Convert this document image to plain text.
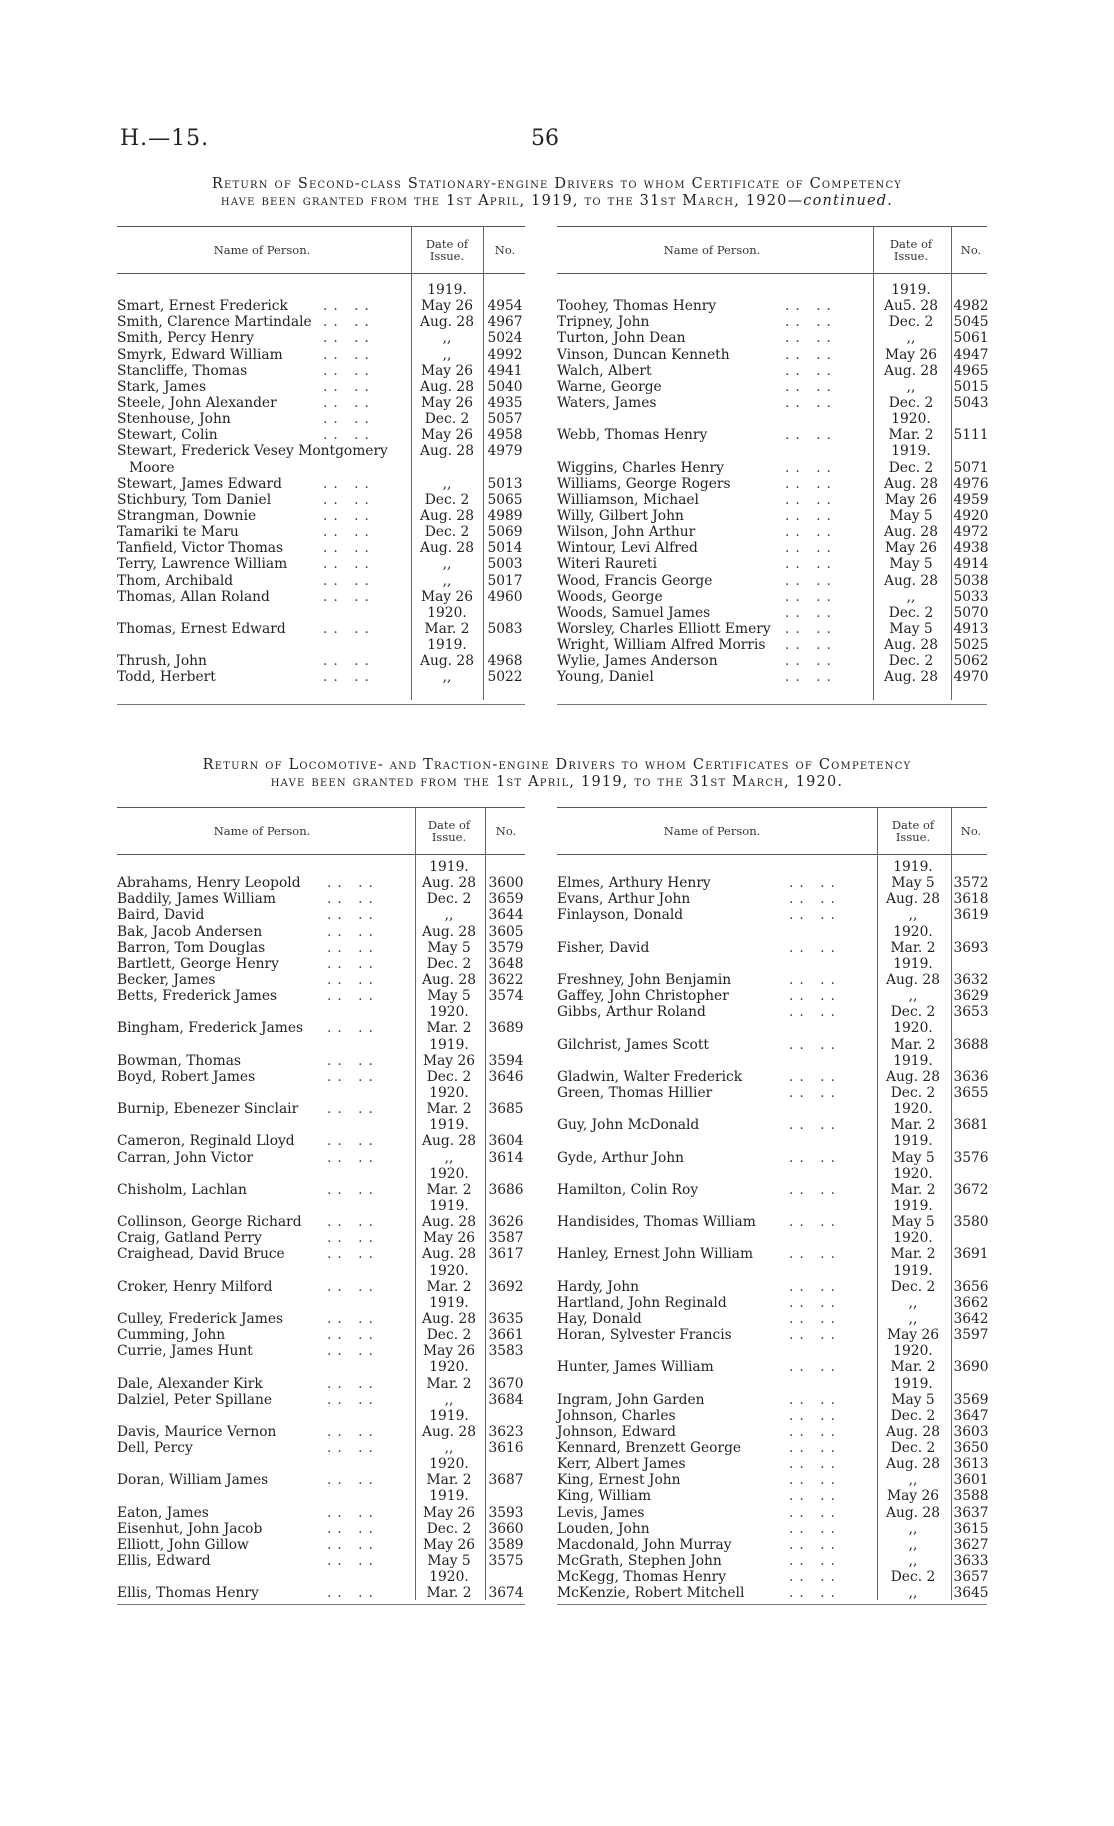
H.—15.	56
Return of Second-class Stationary-engine Drivers to whom Certificate of Competency
have been granted from the 1st April, 1919, to the 31st March, 1920—continued.
Name of Person.	Date of Issue.	No.
1919.
Smart, Ernest Frederick	.. ..	May 26	4954
Smith, Clarence Martindale .. ..	Aug. 28 4967
Smith, Percy Henry	.. ..	,,	5024
Smyrk, Edward William	.. ..	,,	4992
Stancliffe, Thomas	.. ..	May 26	4941
Stark, James	.. ..	Aug. 28 5040
Steele, John Alexander	.. ..	May 26	4935
Stenhouse, John	.. ..	Dec. 2	5057
Stewart, Colin	.. ..	May 26	4958
Stewart, Frederick Vesey Montgomery	Aug. 28 4979
Moore
Stewart, James Edward	.. ..	,,	5013
Stichbury, Tom Daniel	.. ..	Dec. 2	5065
Strangman, Downie	.. ..	Aug. 28 4989
Tamariki te Maru	.. ..	Dec. 2	5069
Tanfield, Victor Thomas	.. ..	Aug. 28 5014
Terry, Lawrence William	.. ..	,,	5003
Thom, Archibald	.. ..	,,	5017
Thomas, Allan Roland	.. ..	May 26	4960
1920.
Thomas, Ernest Edward	.. ..	Mar. 2	5083
1919.
Thrush, John	.. ..	Aug. 28 4968
Todd, Herbert	.. ..	,,	5022
Name of Person.	Date of Issue.	No.
1919.
Toohey, Thomas Henry	.. ..	Au5. 28	4982
Tripney, John	.. ..	Dec. 2	5045
Turton, John Dean	.. ..	,,	5061
Vinson, Duncan Kenneth	.. ..	May 26	4947
Walch, Albert	.. ..	Aug. 28	4965
Warne, George	.. ..	,,	5015
Waters, James	.. ..	Dec. 2	5043
1920.
Webb, Thomas Henry	.. ..	Mar. 2	5111
1919.
Wiggins, Charles Henry	.. ..	Dec. 2	5071
Williams, George Rogers	.. ..	Aug. 28	4976
Williamson, Michael	.. ..	May 26	4959
Willy, Gilbert John	.. ..	May 5	4920
Wilson, John Arthur	.. ..	Aug. 28	4972
Wintour, Levi Alfred	.. ..	May 26	4938
Witeri Raureti	.. ..	May 5	4914
Wood, Francis George	.. ..	Aug. 28	5038
Woods, George	.. ..	,,	5033
Woods, Samuel James	.. ..	Dec. 2	5070
Worsley, Charles Elliott Emery .. ..	May 5	4913
Wright, William Alfred Morris .. ..	Aug. 28	5025
Wylie, James Anderson	.. ..	Dec. 2	5062
Young, Daniel	.. ..	Aug. 28	4970
Return of Locomotive- and Traction-engine Drivers to whom Certificates of Competency
have been granted from the 1st April, 1919, to the 31st March, 1920.
Name of Person.	Date of Issue.	No.
1919.
Abrahams, Henry Leopold .. ..	Aug. 28 3600
Baddily, James William	.. ..	Dec. 2	3659
Baird, David	.. ..	,,	3644
Bak, Jacob Andersen	.. ..	Aug. 28 3605
Barron, Tom Douglas	.. ..	May 5	3579
Bartlett, George Henry	.. ..	Dec. 2	3648
Becker, James	.. ..	Aug. 28 3622
Betts, Frederick James	.. ..	May 5	3574
1920.
Bingham, Frederick James .. ..	Mar. 2	3689
1919.
Bowman, Thomas	.. ..	May 26 3594
Boyd, Robert James	.. ..	Dec. 2	3646
1920.
Burnip, Ebenezer Sinclair .. ..	Mar. 2	3685
1919.
Cameron, Reginald Lloyd .. ..	Aug. 28 3604
Carran, John Victor	.. ..	,,	3614
1920.
Chisholm, Lachlan	.. ..	Mar. 2	3686
1919.
Collinson, George Richard .. ..	Aug. 28 3626
Craig, Gatland Perry	.. ..	May 26 3587
Craighead, David Bruce	.. ..	Aug. 28 3617
1920.
Croker, Henry Milford	.. ..	Mar. 2	3692
1919.
Culley, Frederick James	.. ..	Aug. 28 3635
Cumming, John	.. ..	Dec. 2	3661
Currie, James Hunt	.. ..	May 26 3583
1920.
Dale, Alexander Kirk	.. ..	Mar. 2	3670
Dalziel, Peter Spillane	.. ..	,,	3684
1919.
Davis, Maurice Vernon	.. ..	Aug. 28 3623
Dell, Percy	.. ..	,,	3616
1920.
Doran, William James	.. ..	Mar. 2	3687
1919.
Eaton, James	.. ..	May 26 3593
Eisenhut, John Jacob	.. ..	Dec. 2	3660
Elliott, John Gillow	.. ..	May 26 3589
Ellis, Edward	.. ..	May 5	3575
1920.
Ellis, Thomas Henry	.. ..	Mar. 2	3674
Name of Person.	Date of Issue.	No.
1919.
Elmes, Arthury Henry	.. ..	May 5	3572
Evans, Arthur John	.. ..	Aug. 28 3618
Finlayson, Donald	.. ..	,,	3619
1920.
Fisher, David	.. ..	Mar. 2	3693
1919.
Freshney, John Benjamin	.. ..	Aug. 28 3632
Gaffey, John Christopher	.. ..	,,	3629
Gibbs, Arthur Roland	.. ..	Dec. 2	3653
1920.
Gilchrist, James Scott	.. ..	Mar. 2	3688
1919.
Gladwin, Walter Frederick	.. ..	Aug. 28 3636
Green, Thomas Hillier	.. ..	Dec. 2	3655
1920.
Guy, John McDonald	.. ..	Mar. 2	3681
1919.
Gyde, Arthur John	.. ..	May 5	3576
1920.
Hamilton, Colin Roy	.. ..	Mar. 2	3672
1919.
Handisides, Thomas William .. ..	May 5	3580
1920.
Hanley, Ernest John William	.. ..	Mar. 2	3691
1919.
Hardy, John	.. ..	Dec. 2	3656
Hartland, John Reginald	.. ..	,,	3662
Hay, Donald	.. ..	,,	3642
Horan, Sylvester Francis	.. ..	May 26	3597
1920.
Hunter, James William	.. ..	Mar. 2	3690
1919.
Ingram, John Garden	.. ..	May 5	3569
Johnson, Charles	.. ..	Dec. 2	3647
Johnson, Edward	.. ..	Aug. 28 3603
Kennard, Brenzett George	.. ..	Dec. 2	3650
Kerr, Albert James	.. ..	Aug. 28 3613
King, Ernest John	.. ..	,,	3601
King, William	.. ..	May 26	3588
Levis, James	.. ..	Aug. 28 3637
Louden, John	.. ..	,,	3615
Macdonald, John Murray	.. ..	,,	3627
McGrath, Stephen John	.. ..	,,	3633
McKegg, Thomas Henry	.. ..	Dec. 2	3657
McKenzie, Robert Mitchell	.. ..	,,	3645
